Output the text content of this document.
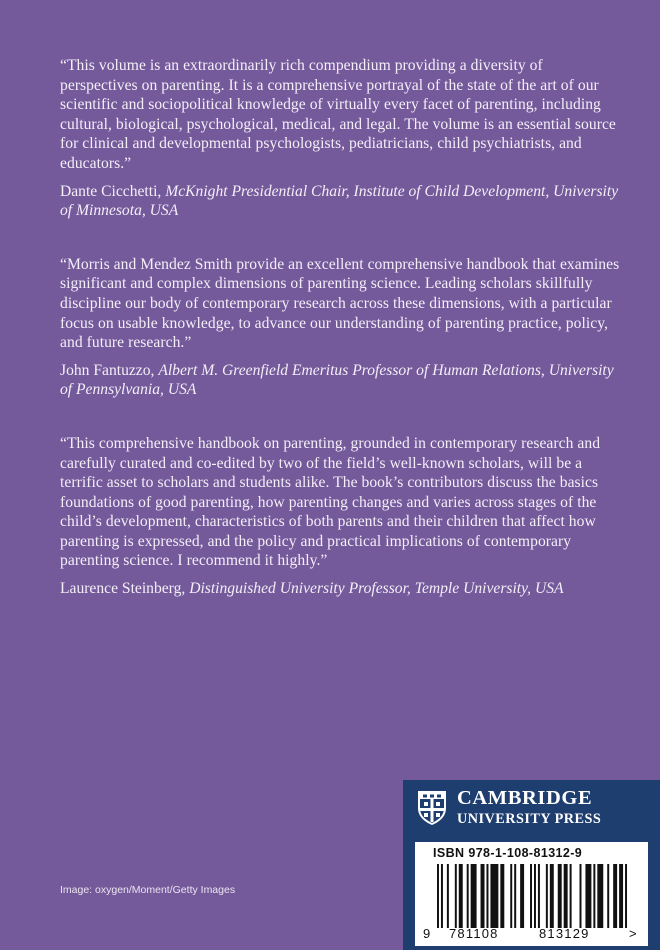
“This volume is an extraordinarily rich compendium providing a diversity of perspectives on parenting. It is a comprehensive portrayal of the state of the art of our scientific and sociopolitical knowledge of virtually every facet of parenting, including cultural, biological, psychological, medical, and legal. The volume is an essential source for clinical and developmental psychologists, pediatricians, child psychiatrists, and educators.”

Dante Cicchetti, McKnight Presidential Chair, Institute of Child Development, University of Minnesota, USA

“Morris and Mendez Smith provide an excellent comprehensive handbook that examines significant and complex dimensions of parenting science. Leading scholars skillfully discipline our body of contemporary research across these dimensions, with a particular focus on usable knowledge, to advance our understanding of parenting practice, policy, and future research.”

John Fantuzzo, Albert M. Greenfield Emeritus Professor of Human Relations, University of Pennsylvania, USA

“This comprehensive handbook on parenting, grounded in contemporary research and carefully curated and co-edited by two of the field’s well-known scholars, will be a terrific asset to scholars and students alike. The book’s contributors discuss the basics foundations of good parenting, how parenting changes and varies across stages of the child’s development, characteristics of both parents and their children that affect how parenting is expressed, and the policy and practical implications of contemporary parenting science. I recommend it highly.”

Laurence Steinberg, Distinguished University Professor, Temple University, USA

Image: oxygen/Moment/Getty Images
CAMBRIDGE
UNIVERSITY PRESS

ISBN 978-1-108-81312-9

9 781108	813129	>
